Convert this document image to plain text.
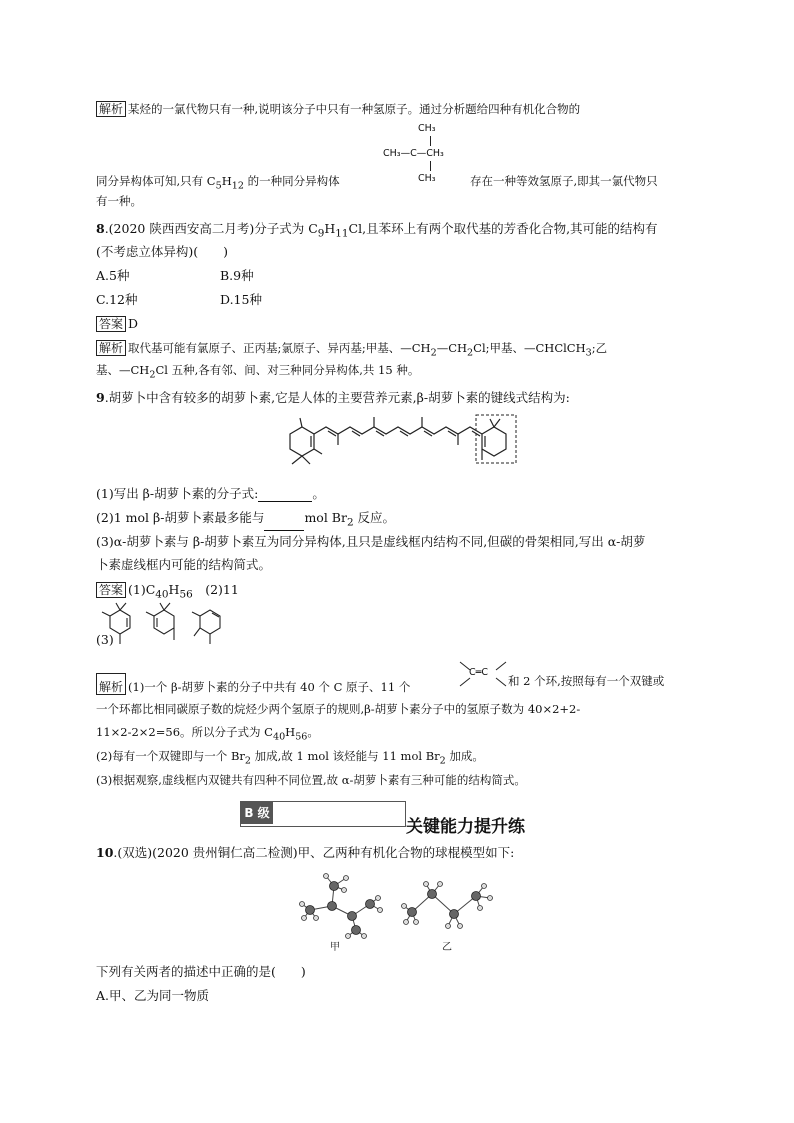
解析 某烃的一氯代物只有一种,说明该分子中只有一种氢原子。通过分析题给四种有机化合物的
CH₃
CH₃—C—CH₃
CH₃
同分异构体可知,只有 $C_5H_{12}$ 的一种同分异构体	存在一种等效氢原子,即其一氯代物只
有一种。
8.(2020 陕西西安高二月考)分子式为 $C_9H_{11}Cl$,且苯环上有两个取代基的芳香化合物,其可能的结构有
(不考虑立体异构)(　　)
A.5种	B.9种
C.12种	D.15种
答案 D
解析 取代基可能有氯原子、正丙基;氯原子、异丙基;甲基、$—CH_2—CH_2Cl$;甲基、—CHClCH$_3$;乙
基、$—CH_2Cl$ 五种,各有邻、间、对三种同分异构体,共 15 种。
9.胡萝卜中含有较多的胡萝卜素,它是人体的主要营养元素,β-胡萝卜素的键线式结构为:
(1)写出 β-胡萝卜素的分子式:	。
(2)1 mol β-胡萝卜素最多能与	mol $Br_2$ 反应。
(3)α-胡萝卜素与 β-胡萝卜素互为同分异构体,且只是虚线框内结构不同,但碳的骨架相同,写出 α-胡萝
卜素虚线框内可能的结构简式。
答案 $(1)C_{40}H_{56}$　(2)11
(3)
解析 (1)一个 β-胡萝卜素的分子中共有 40 个 C 原子、11 个
C═C
和 2 个环,按照每有一个双键或
一个环都比相同碳原子数的烷烃少两个氢原子的规则,β-胡萝卜素分子中的氢原子数为 40×2+2-
11×2-2×2=56。所以分子式为 $C_{40}H_{56}$。
(2)每有一个双键即与一个 $Br_2$ 加成,故 1 mol 该烃能与 11 mol $Br_2$ 加成。
(3)根据观察,虚线框内双键共有四种不同位置,故 α-胡萝卜素有三种可能的结构简式。
B 级
关键能力提升练
10.(双选)(2020 贵州铜仁高二检测)甲、乙两种有机化合物的球棍模型如下:
甲	乙
下列有关两者的描述中正确的是(　　)
A.甲、乙为同一物质
